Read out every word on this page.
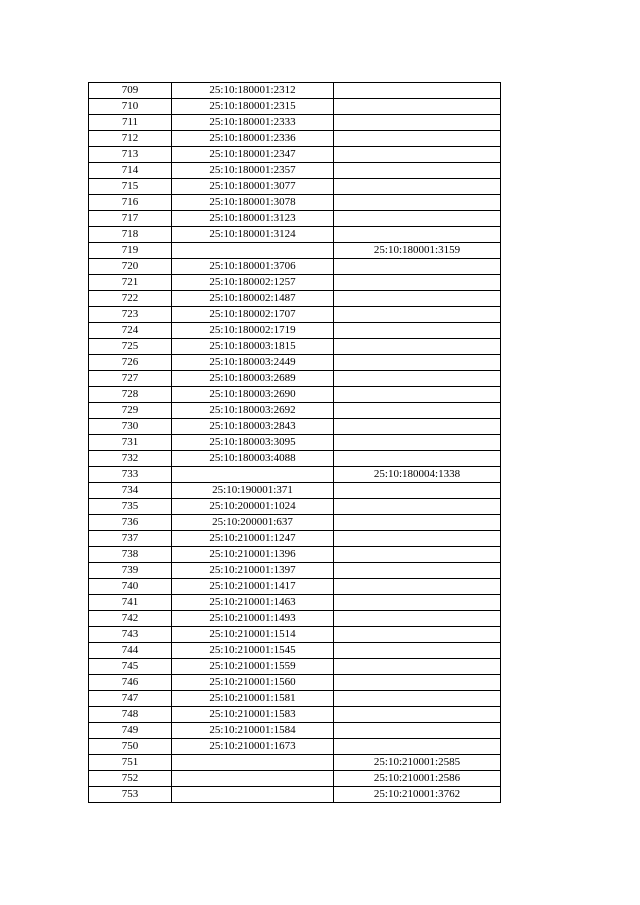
709	25:10:180001:2312	
710	25:10:180001:2315	
711	25:10:180001:2333	
712	25:10:180001:2336	
713	25:10:180001:2347	
714	25:10:180001:2357	
715	25:10:180001:3077	
716	25:10:180001:3078	
717	25:10:180001:3123	
718	25:10:180001:3124	
719		25:10:180001:3159
720	25:10:180001:3706	
721	25:10:180002:1257	
722	25:10:180002:1487	
723	25:10:180002:1707	
724	25:10:180002:1719	
725	25:10:180003:1815	
726	25:10:180003:2449	
727	25:10:180003:2689	
728	25:10:180003:2690	
729	25:10:180003:2692	
730	25:10:180003:2843	
731	25:10:180003:3095	
732	25:10:180003:4088	
733		25:10:180004:1338
734	25:10:190001:371	
735	25:10:200001:1024	
736	25:10:200001:637	
737	25:10:210001:1247	
738	25:10:210001:1396	
739	25:10:210001:1397	
740	25:10:210001:1417	
741	25:10:210001:1463	
742	25:10:210001:1493	
743	25:10:210001:1514	
744	25:10:210001:1545	
745	25:10:210001:1559	
746	25:10:210001:1560	
747	25:10:210001:1581	
748	25:10:210001:1583	
749	25:10:210001:1584	
750	25:10:210001:1673	
751		25:10:210001:2585
752		25:10:210001:2586
753		25:10:210001:3762
